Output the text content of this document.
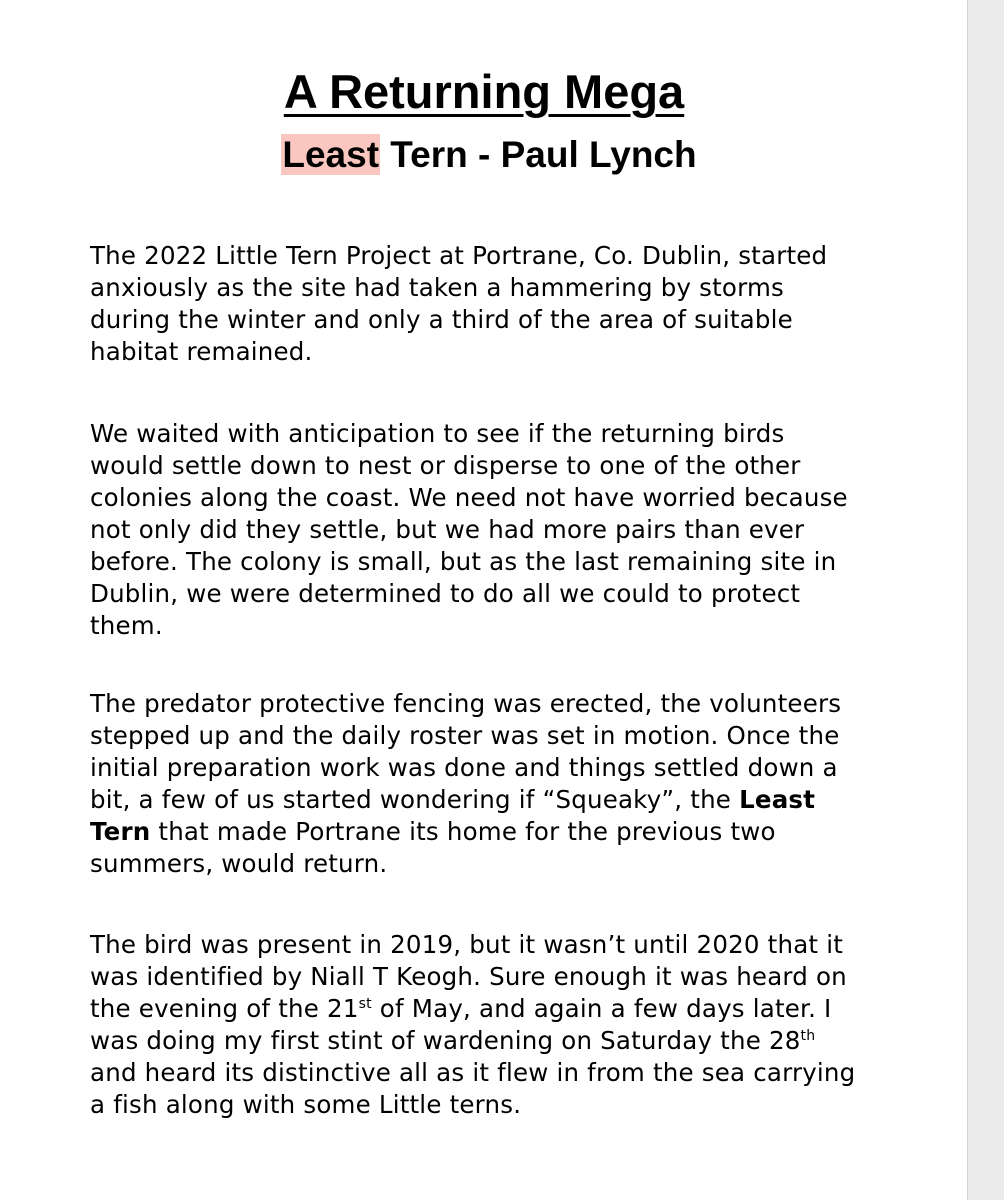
A Returning Mega
Least Tern - Paul Lynch

The 2022 Little Tern Project at Portrane, Co. Dublin, started
anxiously as the site had taken a hammering by storms
during the winter and only a third of the area of suitable
habitat remained.

We waited with anticipation to see if the returning birds
would settle down to nest or disperse to one of the other
colonies along the coast. We need not have worried because
not only did they settle, but we had more pairs than ever
before. The colony is small, but as the last remaining site in
Dublin, we were determined to do all we could to protect
them.

The predator protective fencing was erected, the volunteers
stepped up and the daily roster was set in motion. Once the
initial preparation work was done and things settled down a
bit, a few of us started wondering if “Squeaky”, the Least
Tern that made Portrane its home for the previous two
summers, would return.

The bird was present in 2019, but it wasn’t until 2020 that it
was identified by Niall T Keogh. Sure enough it was heard on
the evening of the 21st of May, and again a few days later. I
was doing my first stint of wardening on Saturday the 28th
and heard its distinctive all as it flew in from the sea carrying
a fish along with some Little terns.
